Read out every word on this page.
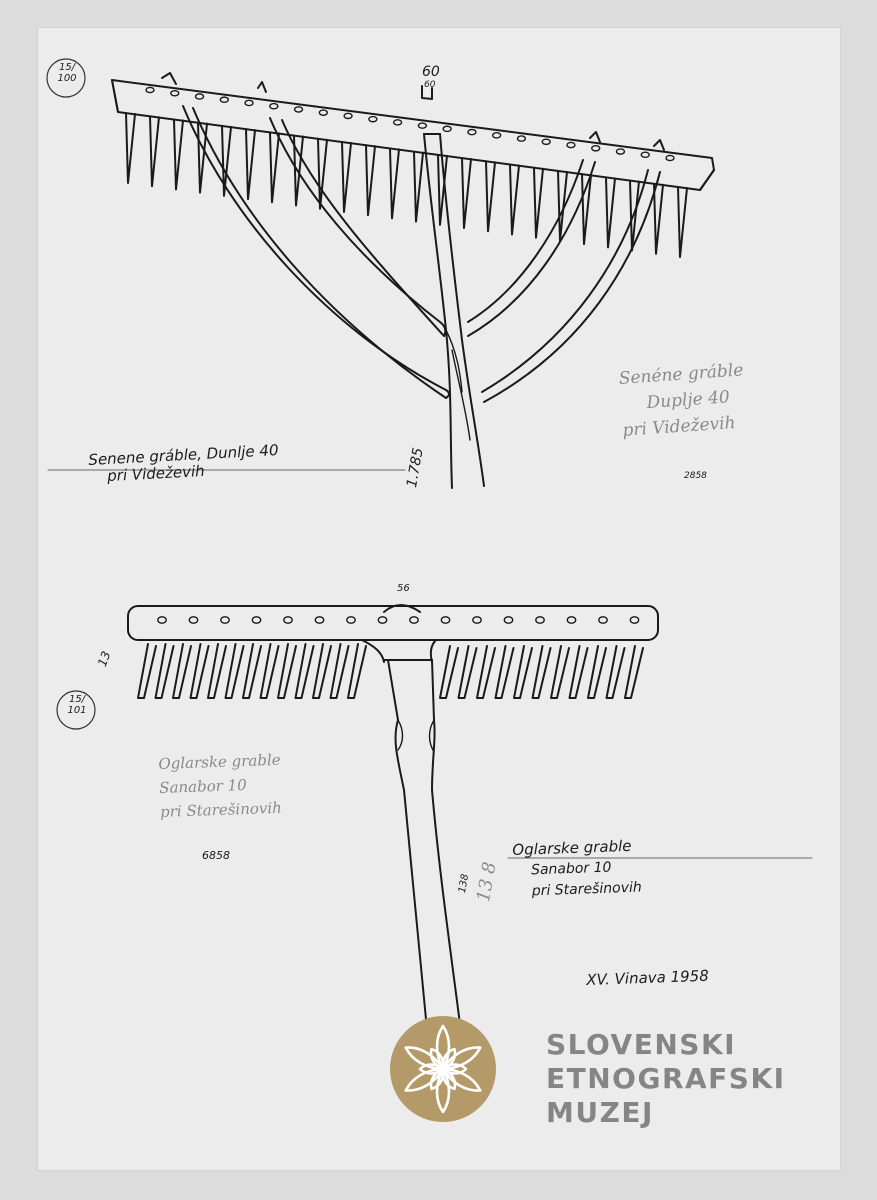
15/
100
15/
101
60
60
1.785
56
13
138 13 8
Senene gráble, Dunlje 40
pri Videževih
Senéne gráble
Dupljе 40
pri Videževih
2858
Oglarske grable
Sanabor 10
pri Starešinovih
6858	Oglarske grable
Sanabor 10
pri Starešinovih
XV. Vinava 1958
SLOVENSKI
ETNOGRAFSKI
MUZEJ
